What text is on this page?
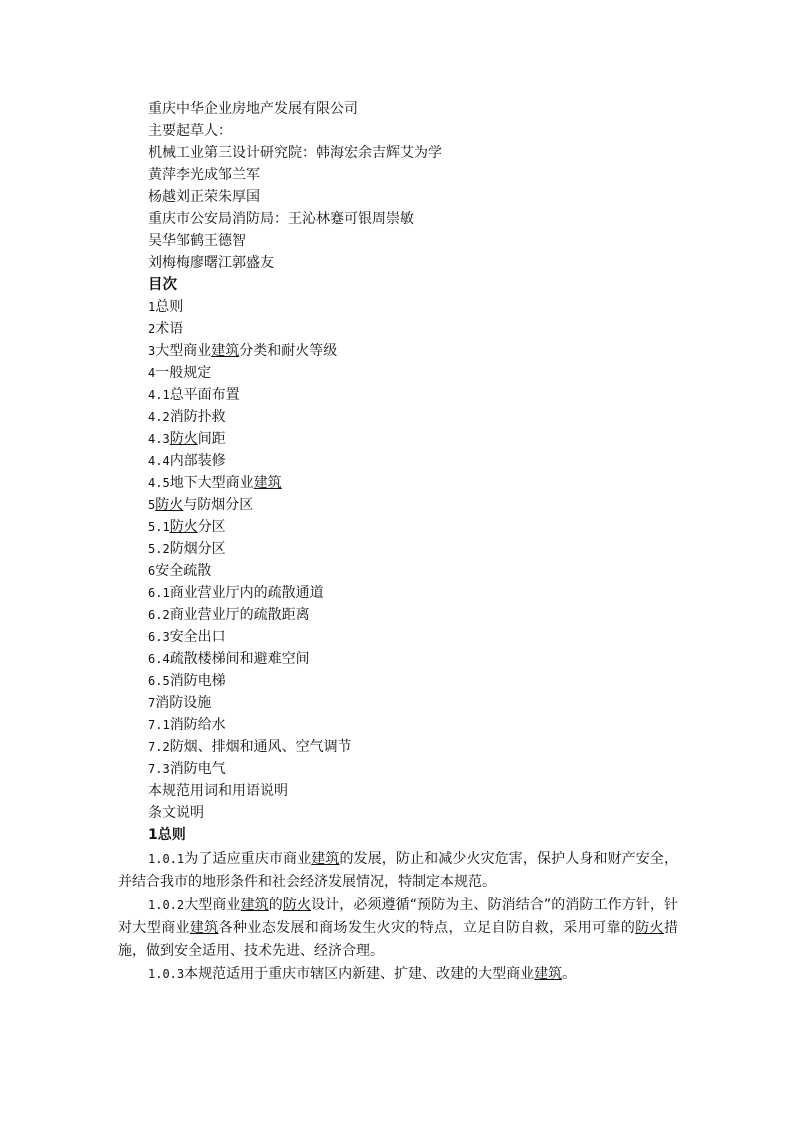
重庆中华企业房地产发展有限公司
主要起草人：
机械工业第三设计研究院：韩海宏余吉辉艾为学
黄萍李光成邹兰军
杨越刘正荣朱厚国
重庆市公安局消防局：王沁林蹇可银周崇敏
吴华邹鹤王德智
刘梅梅廖曙江郭盛友
目次
1总则
2术语
3大型商业建筑分类和耐火等级
4一般规定
4.1总平面布置
4.2消防扑救
4.3防火间距
4.4内部装修
4.5地下大型商业建筑
5防火与防烟分区
5.1防火分区
5.2防烟分区
6安全疏散
6.1商业营业厅内的疏散通道
6.2商业营业厅的疏散距离
6.3安全出口
6.4疏散楼梯间和避难空间
6.5消防电梯
7消防设施
7.1消防给水
7.2防烟、排烟和通风、空气调节
7.3消防电气
本规范用词和用语说明
条文说明
1总则

1.0.1为了适应重庆市商业建筑的发展，防止和减少火灾危害，保护人身和财产安全，并结合我市的地形条件和社会经济发展情况，特制定本规范。

1.0.2大型商业建筑的防火设计，必须遵循“预防为主、防消结合”的消防工作方针，针对大型商业建筑各种业态发展和商场发生火灾的特点，立足自防自救，采用可靠的防火措施，做到安全适用、技术先进、经济合理。

1.0.3本规范适用于重庆市辖区内新建、扩建、改建的大型商业建筑。
